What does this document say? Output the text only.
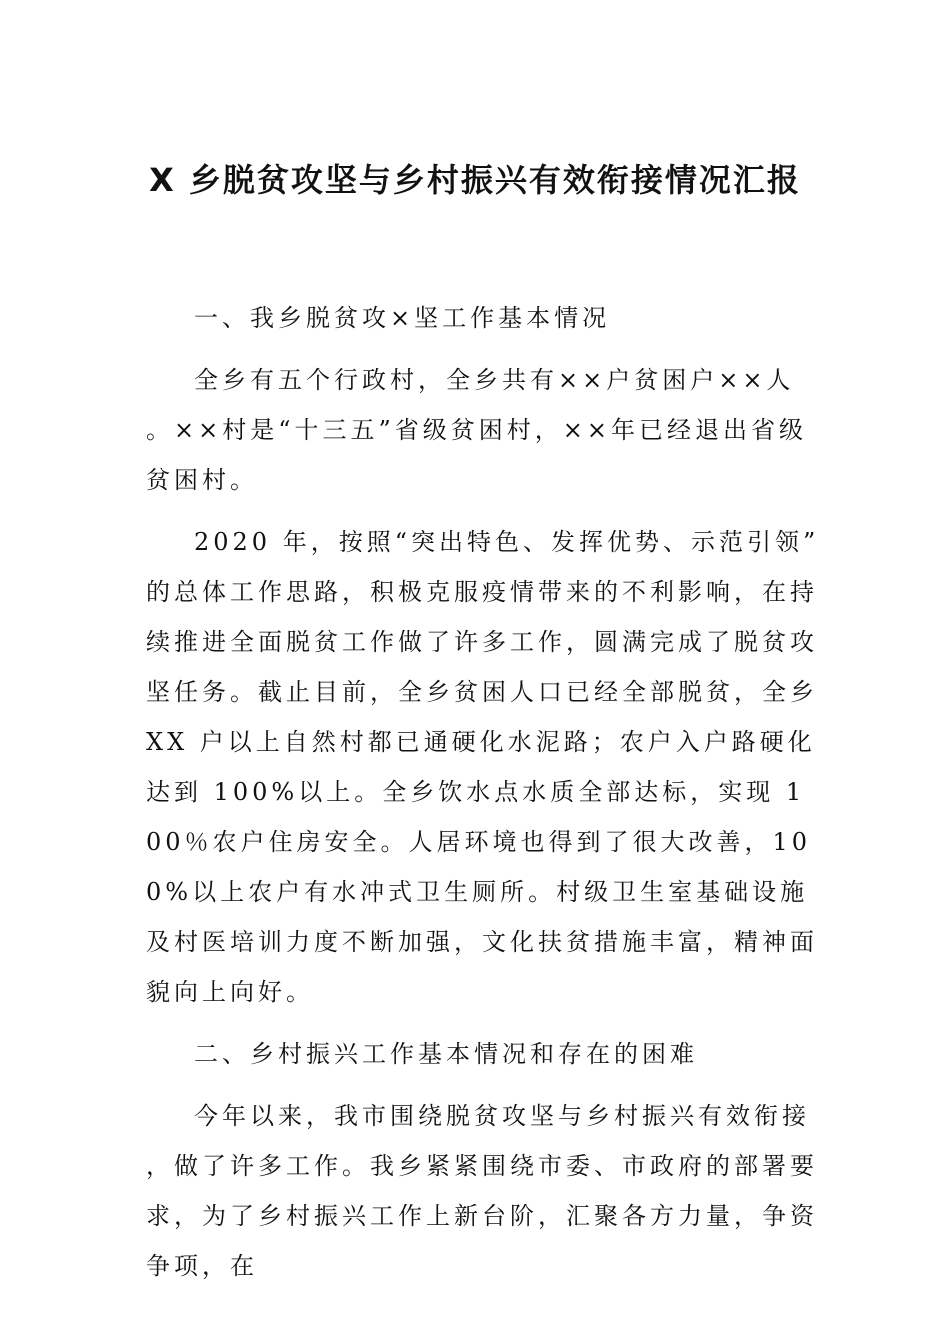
X 乡脱贫攻坚与乡村振兴有效衔接情况汇报

一、我乡脱贫攻×坚工作基本情况

全乡有五个行政村，全乡共有××户贫困户××人。××村是“十三五”省级贫困村，××年已经退出省级贫困村。

2020 年，按照“突出特色、发挥优势、示范引领”的总体工作思路，积极克服疫情带来的不利影响，在持续推进全面脱贫工作做了许多工作，圆满完成了脱贫攻坚任务。截止目前，全乡贫困人口已经全部脱贫，全乡 XX 户以上自然村都已通硬化水泥路；农户入户路硬化达到 100%以上。全乡饮水点水质全部达标，实现 100％农户住房安全。人居环境也得到了很大改善，100%以上农户有水冲式卫生厕所。村级卫生室基础设施及村医培训力度不断加强，文化扶贫措施丰富，精神面貌向上向好。

二、乡村振兴工作基本情况和存在的困难

今年以来，我市围绕脱贫攻坚与乡村振兴有效衔接，做了许多工作。我乡紧紧围绕市委、市政府的部署要求，为了乡村振兴工作上新台阶，汇聚各方力量，争资争项，在
